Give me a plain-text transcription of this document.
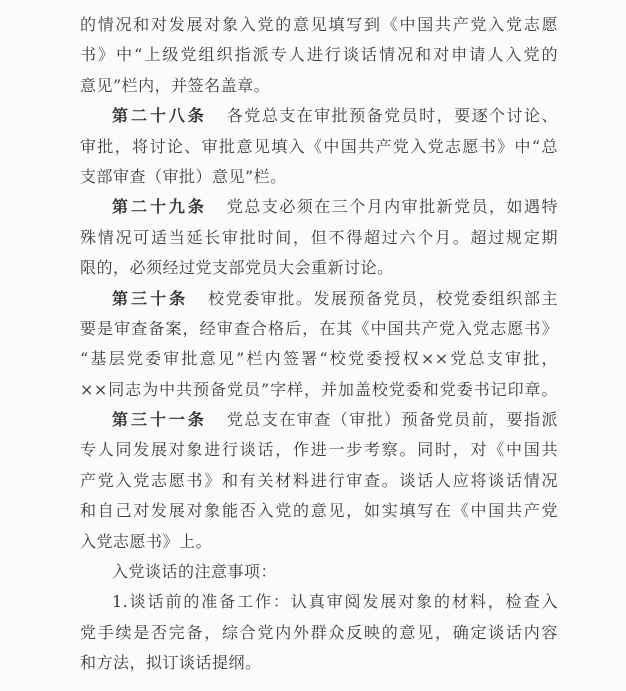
的情况和对发展对象入党的意见填写到《中国共产党入党志愿
书》中“上级党组织指派专人进行谈话情况和对申请人入党的
意见”栏内，并签名盖章。
第二十八条 各党总支在审批预备党员时，要逐个讨论、
审批，将讨论、审批意见填入《中国共产党入党志愿书》中“总
支部审查（审批）意见”栏。
第二十九条 党总支必须在三个月内审批新党员，如遇特
殊情况可适当延长审批时间，但不得超过六个月。超过规定期
限的，必须经过党支部党员大会重新讨论。
第三十条 校党委审批。发展预备党员，校党委组织部主
要是审查备案，经审查合格后，在其《中国共产党入党志愿书》
“基层党委审批意见”栏内签署“校党委授权××党总支审批，
××同志为中共预备党员”字样，并加盖校党委和党委书记印章。
第三十一条 党总支在审查（审批）预备党员前，要指派
专人同发展对象进行谈话，作进一步考察。同时，对《中国共
产党入党志愿书》和有关材料进行审查。谈话人应将谈话情况
和自己对发展对象能否入党的意见，如实填写在《中国共产党
入党志愿书》上。
入党谈话的注意事项：
1.谈话前的准备工作：认真审阅发展对象的材料，检查入
党手续是否完备，综合党内外群众反映的意见，确定谈话内容
和方法，拟订谈话提纲。
